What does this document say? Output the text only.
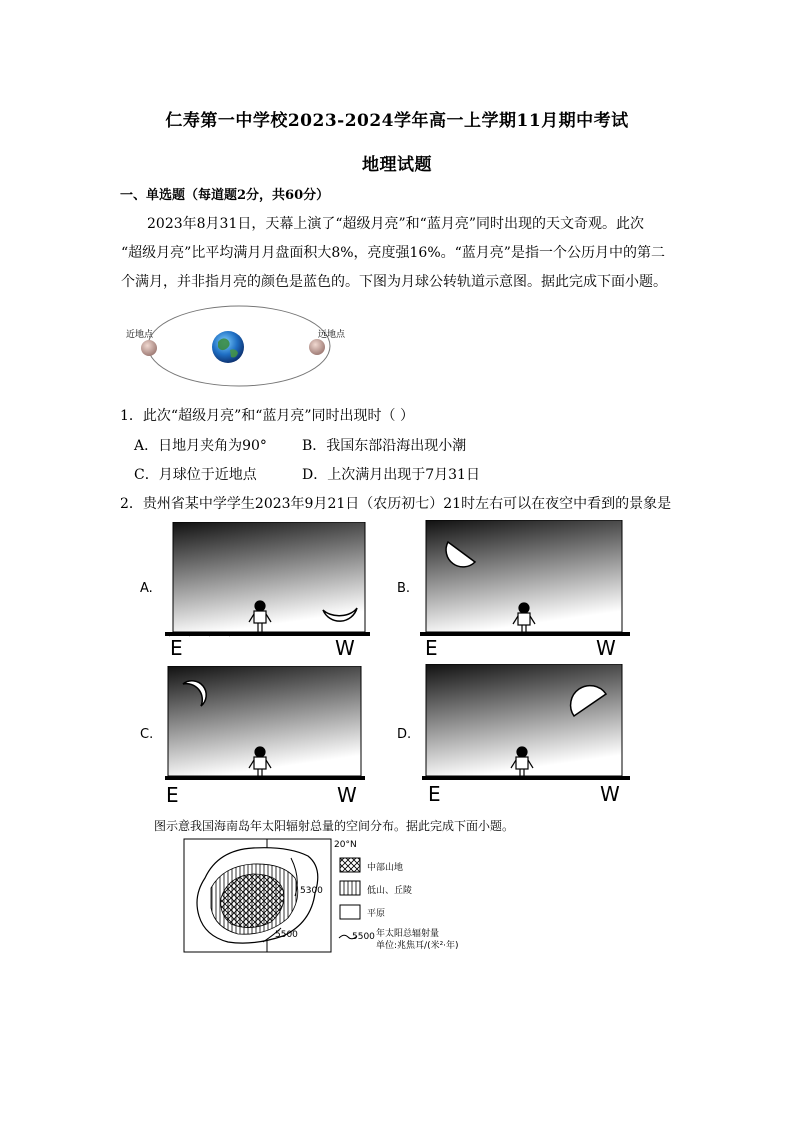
仁寿第一中学校2023-2024学年高一上学期11月期中考试
地理试题
一、单选题（每道题2分，共60分）
2023年8月31日，天幕上演了“超级月亮”和“蓝月亮”同时出现的天文奇观。此次
“超级月亮”比平均满月月盘面积大8%，亮度强16%。“蓝月亮”是指一个公历月中的第二
个满月，并非指月亮的颜色是蓝色的。下图为月球公转轨道示意图。据此完成下面小题。
近地点	远地点
1．此次“超级月亮”和“蓝月亮”同时出现时（ ）
A．日地月夹角为90°	B．我国东部沿海出现小潮
C．月球位于近地点	D．上次满月出现于7月31日
2．贵州省某中学学生2023年9月21日（农历初七）21时左右可以在夜空中看到的景象是
A.
E	W
B.
E	W
C.
E	W
D.
E	W
图示意我国海南岛年太阳辐射总量的空间分布。据此完成下面小题。
20°N
5300
5500
中部山地
低山、丘陵
平原
5500 年太阳总辐射量
单位:兆焦耳/(米²·年)
